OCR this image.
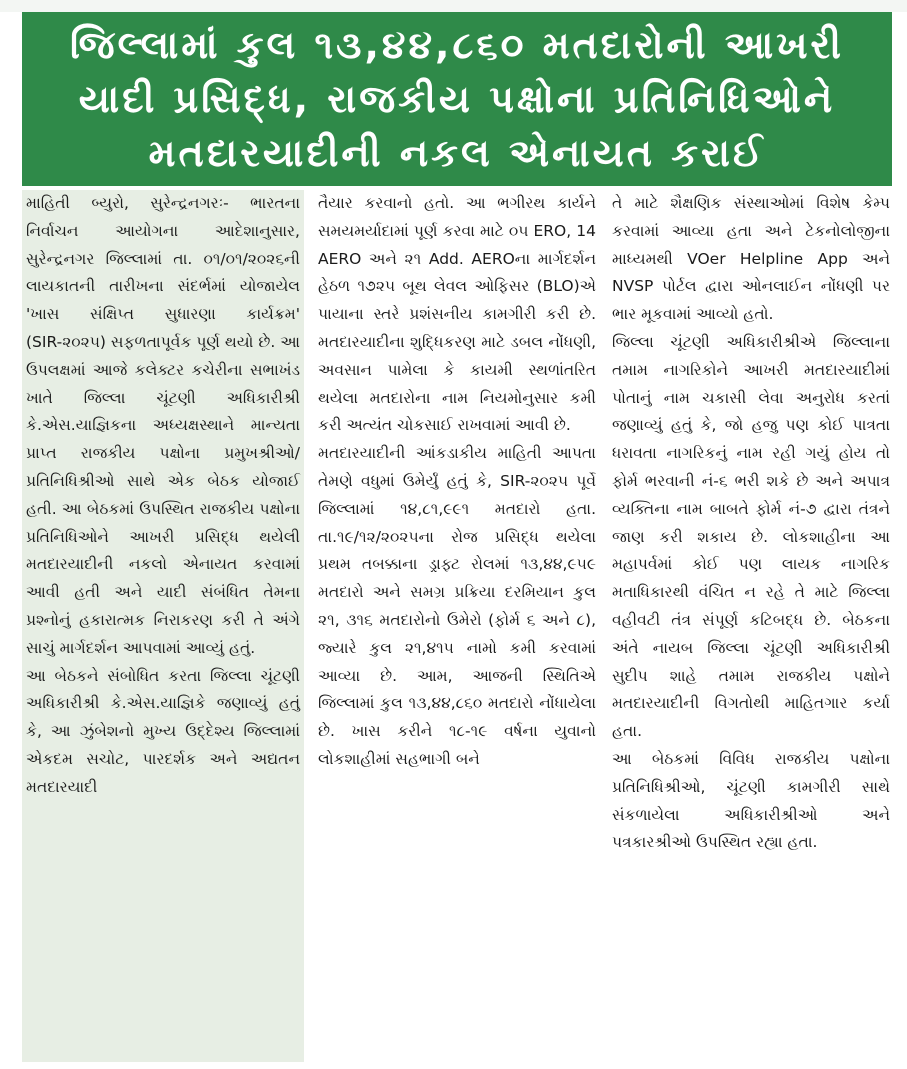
જિલ્લામાં કુલ ૧૩,૪૪,૮૬૦ મતદારોની આખરી
યાદી પ્રસિદ્ધ, રાજકીય પક્ષોના પ્રતિનિધિઓને
મતદારયાદીની નકલ એનાયત કરાઈ

માહિતી બ્યુરો, સુરેન્દ્રનગરઃ- ભારતના નિર્વાચન આયોગના આદેશાનુસાર, સુરેન્દ્રનગર જિલ્લામાં તા. ૦૧/૦૧/૨૦૨૬ની લાયકાતની તારીખના સંદર્ભમાં યોજાયેલ 'ખાસ સંક્ષિપ્ત સુધારણા કાર્યક્રમ' (SIR-૨૦૨૫) સફળતાપૂર્વક પૂર્ણ થયો છે. આ ઉપલક્ષમાં આજે કલેક્ટર કચેરીના સભાખંડ ખાતે જિલ્લા ચૂંટણી અધિકારીશ્રી કે.એસ.યાજ્ઞિકના અધ્યક્ષસ્થાને માન્યતા પ્રાપ્ત રાજકીય પક્ષોના પ્રમુખશ્રીઓ/ પ્રતિનિધિશ્રીઓ સાથે એક બેઠક યોજાઈ હતી. આ બેઠકમાં ઉપસ્થિત રાજકીય પક્ષોના પ્રતિનિધિઓને આખરી પ્રસિદ્ધ થયેલી મતદારયાદીની નકલો એનાયત કરવામાં આવી હતી અને યાદી સંબંધિત તેમના પ્રશ્નોનું હકારાત્મક નિરાકરણ કરી તે અંગે સાચું માર્ગદર્શન આપવામાં આવ્યું હતું.

આ બેઠકને સંબોધિત કરતા જિલ્લા ચૂંટણી અધિકારીશ્રી કે.એસ.યાજ્ઞિકે જણાવ્યું હતું કે, આ ઝુંબેશનો મુખ્ય ઉદ્દેશ્ય જિલ્લામાં એકદમ સચોટ, પારદર્શક અને અદ્યતન મતદારયાદી

તૈયાર કરવાનો હતો. આ ભગીરથ કાર્યને સમયમર્યાદામાં પૂર્ણ કરવા માટે ૦૫ ERO, 14 AERO અને ૨૧ Add. AEROના માર્ગદર્શન હેઠળ ૧૭૨૫ બૂથ લેવલ ઓફિસર (BLO)એ પાયાના સ્તરે પ્રશંસનીય કામગીરી કરી છે. મતદારયાદીના શુદ્ધિકરણ માટે ડબલ નોંધણી, અવસાન પામેલા કે કાયમી સ્થળાંતરિત થયેલા મતદારોના નામ નિયમોનુસાર કમી કરી અત્યંત ચોકસાઈ રાખવામાં આવી છે.

મતદારયાદીની આંકડાકીય માહિતી આપતા તેમણે વધુમાં ઉમેર્યું હતું કે, SIR-૨૦૨૫ પૂર્વે જિલ્લામાં ૧૪,૮૧,૯૯૧ મતદારો હતા. તા.૧૯/૧૨/૨૦૨૫ના રોજ પ્રસિદ્ધ થયેલા પ્રથમ તબક્કાના ડ્રાફ્ટ રોલમાં ૧૩,૪૪,૯૫૯ મતદારો અને સમગ્ર પ્રક્રિયા દરમિયાન કુલ ૨૧, ૩૧૬ મતદારોનો ઉમેરો (ફોર્મ ૬ અને ૮), જ્યારે કુલ ૨૧,૪૧૫ નામો કમી કરવામાં આવ્યા છે. આમ, આજની સ્થિતિએ જિલ્લામાં કુલ ૧૩,૪૪,૮૬૦ મતદારો નોંધાયેલા છે. ખાસ કરીને ૧૮-૧૯ વર્ષના યુવાનો લોકશાહીમાં સહભાગી બને

તે માટે શૈક્ષણિક સંસ્થાઓમાં વિશેષ કેમ્પ કરવામાં આવ્યા હતા અને ટેકનોલોજીના માધ્યમથી VOer Helpline App અને NVSP પોર્ટલ દ્વારા ઓનલાઈન નોંધણી પર ભાર મૂકવામાં આવ્યો હતો.

જિલ્લા ચૂંટણી અધિકારીશ્રીએ જિલ્લાના તમામ નાગરિકોને આખરી મતદારયાદીમાં પોતાનું નામ ચકાસી લેવા અનુરોધ કરતાં જણાવ્યું હતું કે, જો હજુ પણ કોઈ પાત્રતા ધરાવતા નાગરિકનું નામ રહી ગયું હોય તો ફોર્મ ભરવાની નં-૬ ભરી શકે છે અને અપાત્ર વ્યક્તિના નામ બાબતે ફોર્મ નં-૭ દ્વારા તંત્રને જાણ કરી શકાય છે. લોકશાહીના આ મહાપર્વમાં કોઈ પણ લાયક નાગરિક મતાધિકારથી વંચિત ન રહે તે માટે જિલ્લા વહીવટી તંત્ર સંપૂર્ણ કટિબદ્ધ છે. બેઠકના અંતે નાયબ જિલ્લા ચૂંટણી અધિકારીશ્રી સુદીપ શાહે તમામ રાજકીય પક્ષોને મતદારયાદીની વિગતોથી માહિતગાર કર્યા હતા.

આ બેઠકમાં વિવિધ રાજકીય પક્ષોના પ્રતિનિધિશ્રીઓ, ચૂંટણી કામગીરી સાથે સંકળાયેલા અધિકારીશ્રીઓ અને પત્રકારશ્રીઓ ઉપસ્થિત રહ્યા હતા.
